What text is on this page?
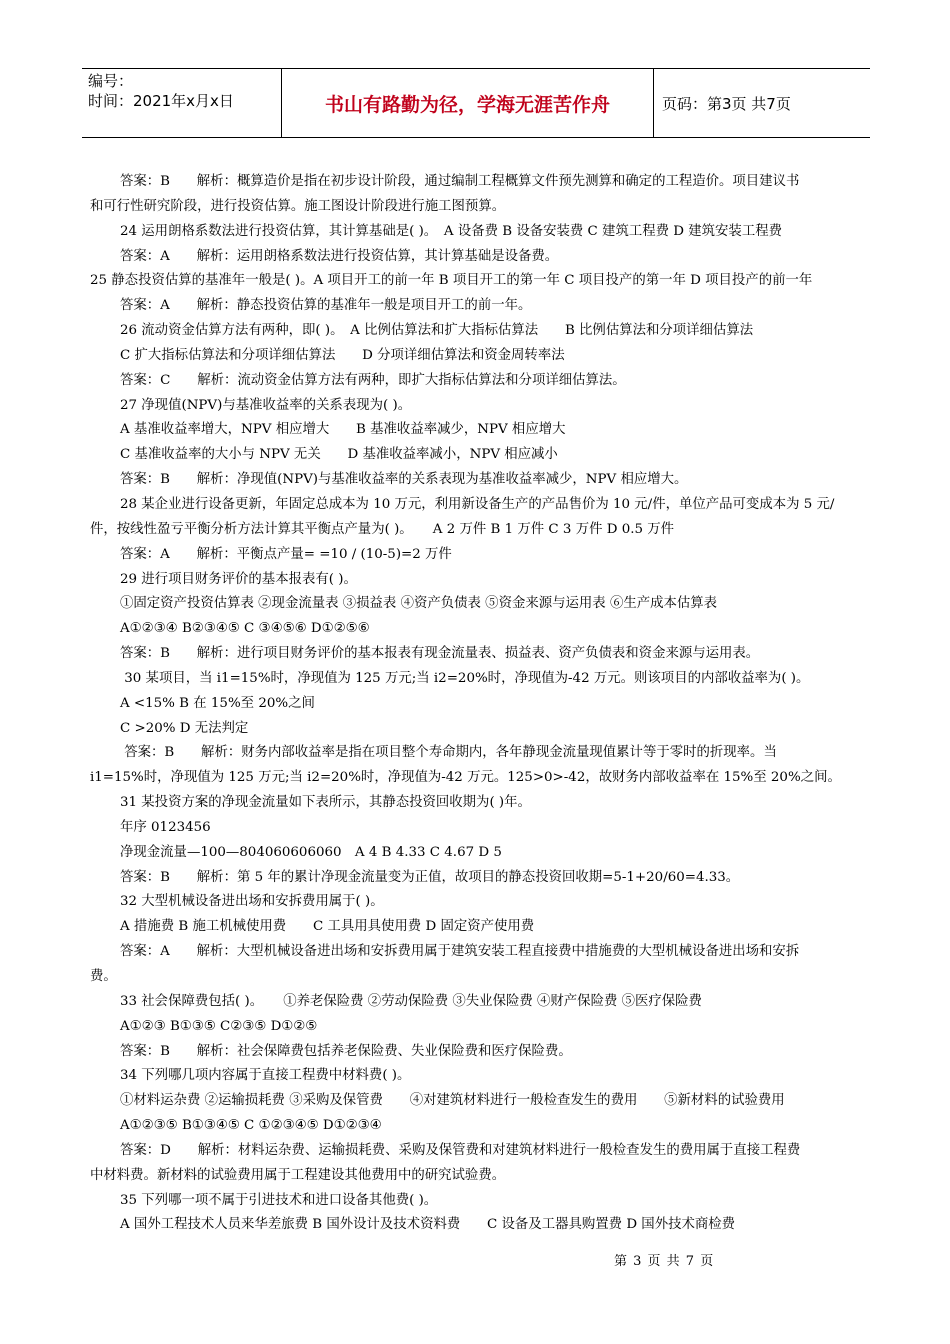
编号：
时间：2021年x月x日	书山有路勤为径，学海无涯苦作舟	页码：第3页 共7页
答案：B　　解析：概算造价是指在初步设计阶段，通过编制工程概算文件预先测算和确定的工程造价。项目建议书
和可行性研究阶段，进行投资估算。施工图设计阶段进行施工图预算。
24 运用朗格系数法进行投资估算，其计算基础是( )。　A 设备费 B 设备安装费 C 建筑工程费 D 建筑安装工程费
答案：A　　解析：运用朗格系数法进行投资估算，其计算基础是设备费。
25 静态投资估算的基准年一般是( )。A 项目开工的前一年 B 项目开工的第一年 C 项目投产的第一年 D 项目投产的前一年
答案：A　　解析：静态投资估算的基准年一般是项目开工的前一年。
26 流动资金估算方法有两种，即( )。　A 比例估算法和扩大指标估算法　　B 比例估算法和分项详细估算法
C 扩大指标估算法和分项详细估算法　　D 分项详细估算法和资金周转率法
答案：C　　解析：流动资金估算方法有两种，即扩大指标估算法和分项详细估算法。
27 净现值(NPV)与基准收益率的关系表现为( )。
A 基准收益率增大，NPV 相应增大　　B 基准收益率减少，NPV 相应增大
C 基准收益率的大小与 NPV 无关　　D 基准收益率减小，NPV 相应减小
答案：B　　解析：净现值(NPV)与基准收益率的关系表现为基准收益率减少，NPV 相应增大。
28 某企业进行设备更新，年固定总成本为 10 万元，利用新设备生产的产品售价为 10 元/件，单位产品可变成本为 5 元/
件，按线性盈亏平衡分析方法计算其平衡点产量为( )。　　A 2 万件 B 1 万件 C 3 万件 D 0.5 万件
答案：A　　解析：平衡点产量= =10 / (10-5)=2 万件
29 进行项目财务评价的基本报表有( )。
①固定资产投资估算表 ②现金流量表 ③损益表 ④资产负债表 ⑤资金来源与运用表 ⑥生产成本估算表
A①②③④ B②③④⑤ C ③④⑤⑥ D①②⑤⑥
答案：B　　解析：进行项目财务评价的基本报表有现金流量表、损益表、资产负债表和资金来源与运用表。
30 某项目，当 i1=15%时，净现值为 125 万元;当 i2=20%时，净现值为-42 万元。则该项目的内部收益率为( )。
A <15% B 在 15%至 20%之间
C >20% D 无法判定
答案：B　　解析：财务内部收益率是指在项目整个寿命期内，各年静现金流量现值累计等于零时的折现率。当
i1=15%时，净现值为 125 万元;当 i2=20%时，净现值为-42 万元。125>0>-42，故财务内部收益率在 15%至 20%之间。
31 某投资方案的净现金流量如下表所示，其静态投资回收期为( )年。
年序 0123456
净现金流量—100—804060606060　A 4 B 4.33 C 4.67 D 5
答案：B　　解析：第 5 年的累计净现金流量变为正值，故项目的静态投资回收期=5-1+20/60=4.33。
32 大型机械设备进出场和安拆费用属于( )。
A 措施费 B 施工机械使用费　　C 工具用具使用费 D 固定资产使用费
答案：A　　解析：大型机械设备进出场和安拆费用属于建筑安装工程直接费中措施费的大型机械设备进出场和安拆
费。
33 社会保障费包括( )。　　①养老保险费 ②劳动保险费 ③失业保险费 ④财产保险费 ⑤医疗保险费
A①②③ B①③⑤ C②③⑤ D①②⑤
答案：B　　解析：社会保障费包括养老保险费、失业保险费和医疗保险费。
34 下列哪几项内容属于直接工程费中材料费( )。
①材料运杂费 ②运输损耗费 ③采购及保管费　　④对建筑材料进行一般检查发生的费用　　⑤新材料的试验费用
A①②③⑤ B①③④⑤ C ①②③④⑤ D①②③④
答案：D　　解析：材料运杂费、运输损耗费、采购及保管费和对建筑材料进行一般检查发生的费用属于直接工程费
中材料费。新材料的试验费用属于工程建设其他费用中的研究试验费。
35 下列哪一项不属于引进技术和进口设备其他费( )。
A 国外工程技术人员来华差旅费 B 国外设计及技术资料费　　C 设备及工器具购置费 D 国外技术商检费
第 3 页 共 7 页
